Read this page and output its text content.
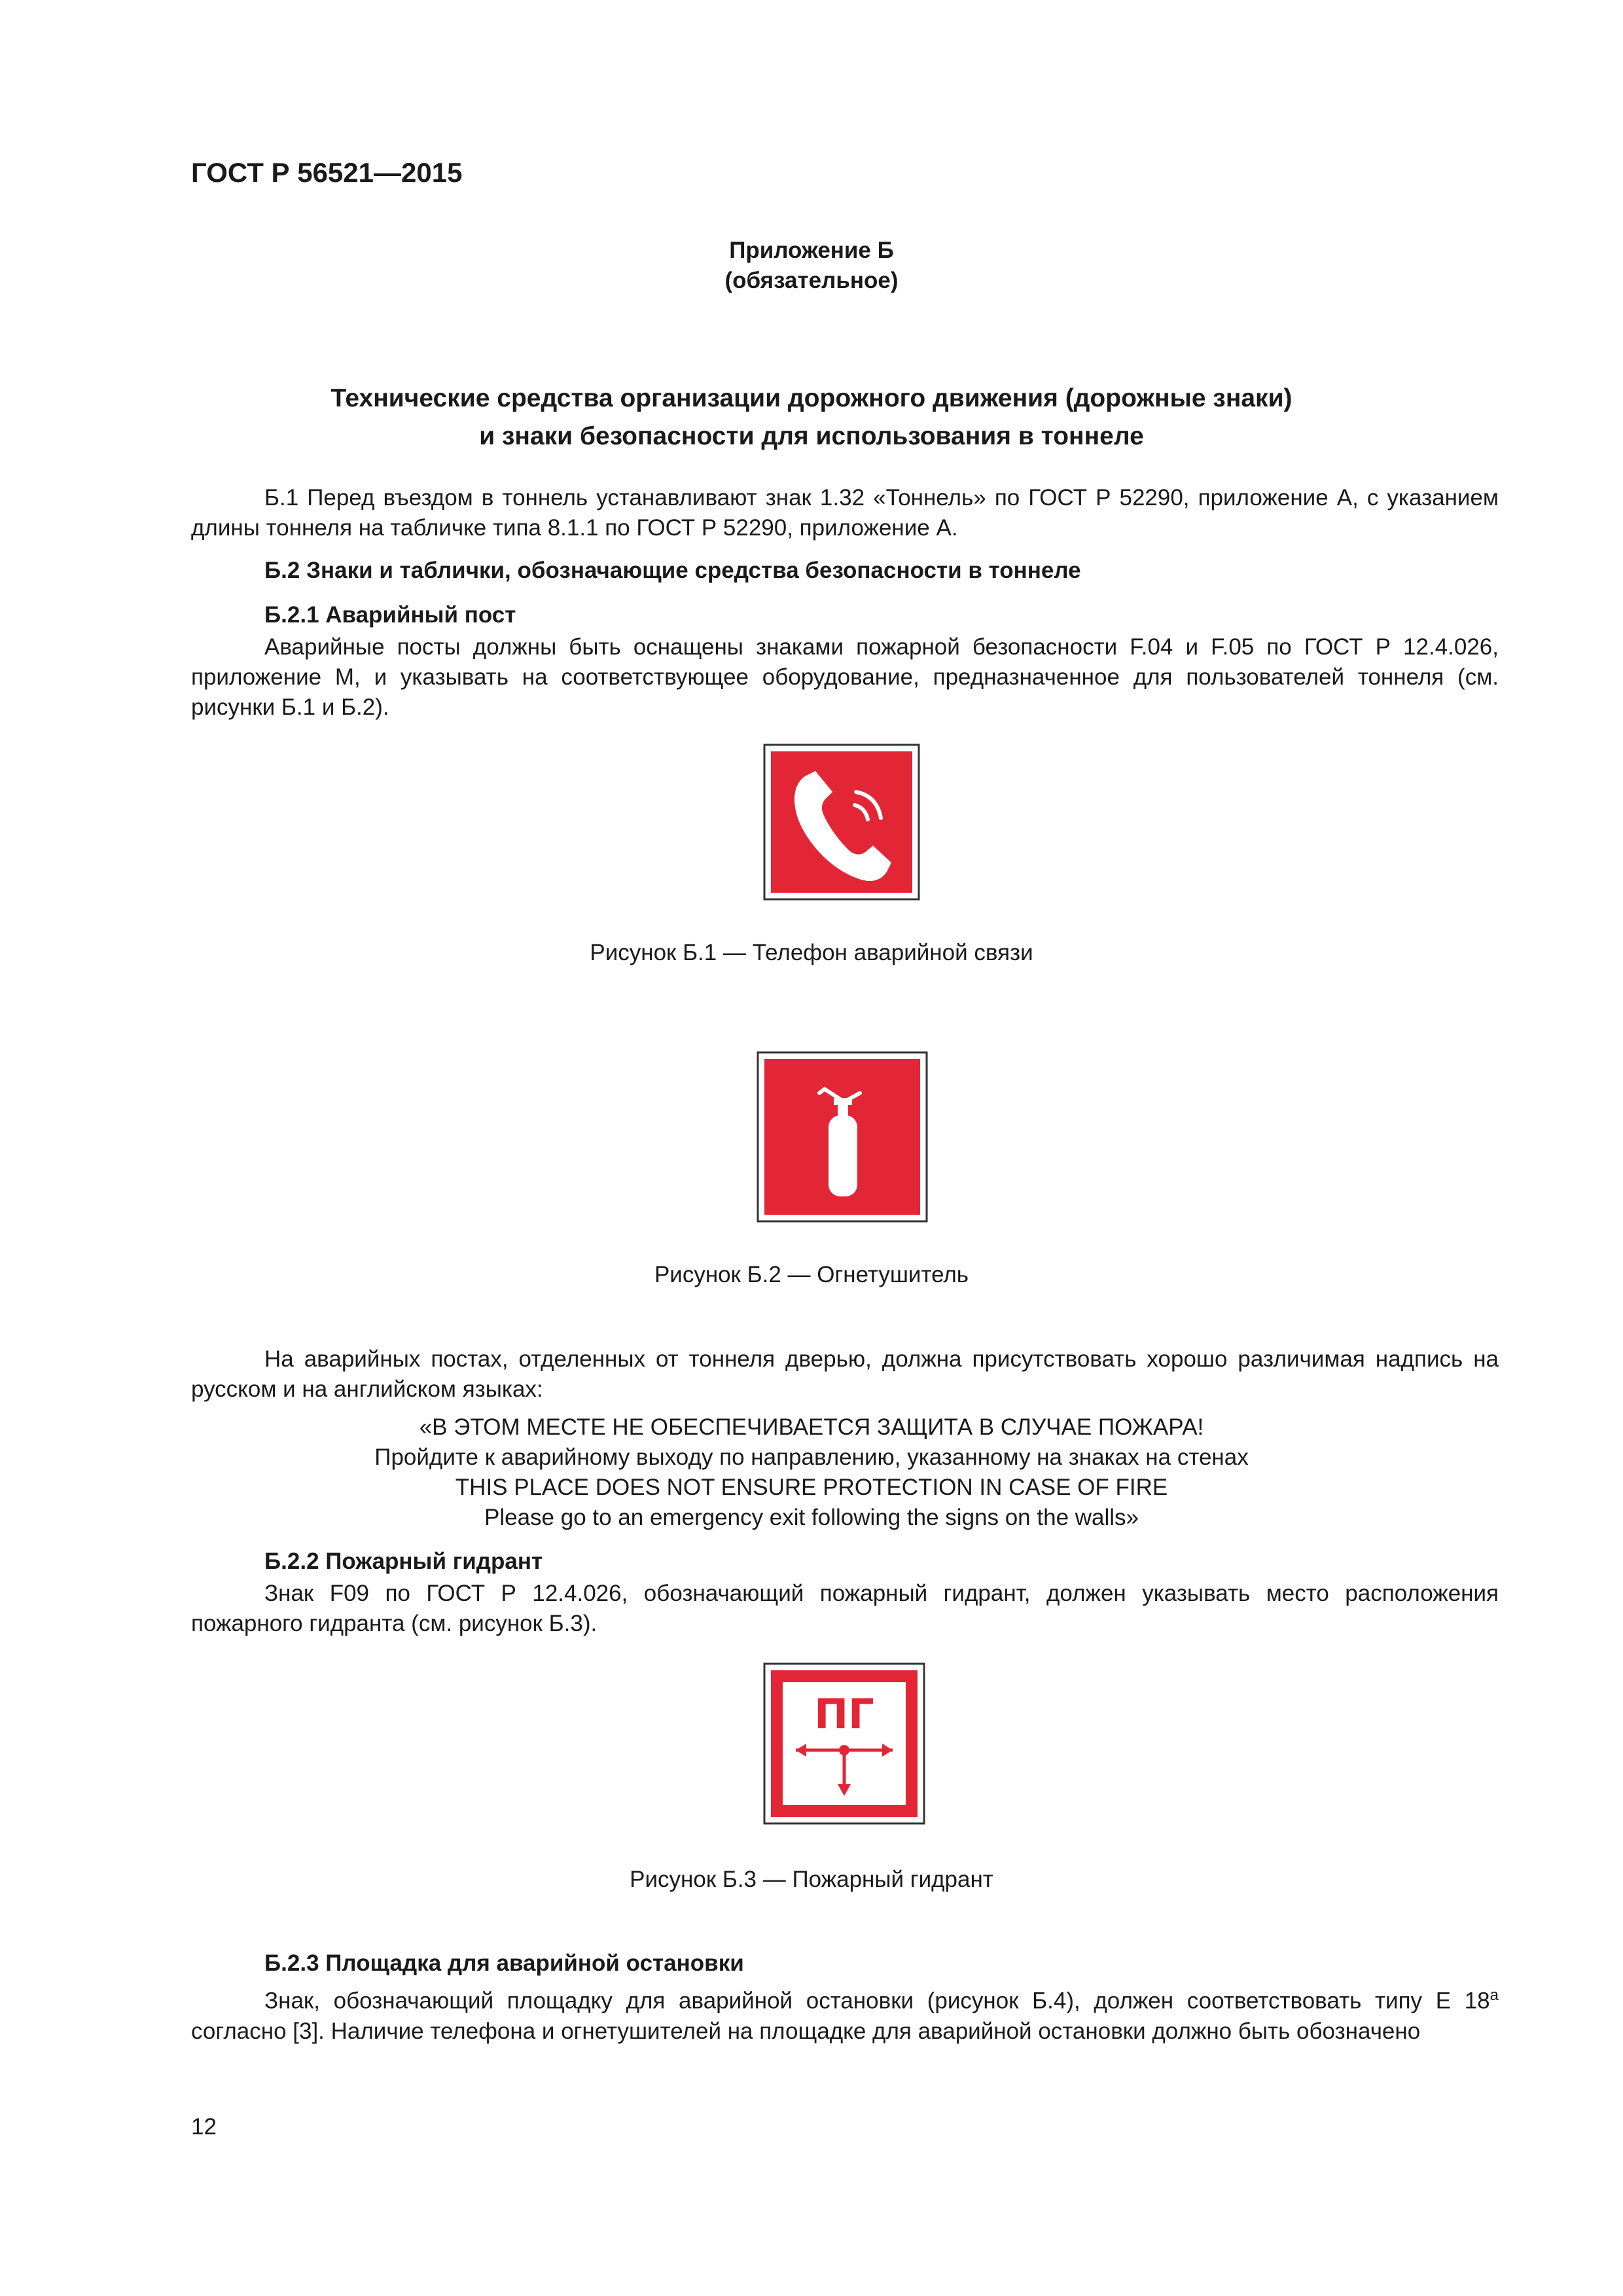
ГОСТ Р 56521—2015
Приложение Б
(обязательное)
Технические средства организации дорожного движения (дорожные знаки)
и знаки безопасности для использования в тоннеле
Б.1 Перед въездом в тоннель устанавливают знак 1.32 «Тоннель» по ГОСТ Р 52290, приложение А, с указанием длины тоннеля на табличке типа 8.1.1 по ГОСТ Р 52290, приложение А.
Б.2 Знаки и таблички, обозначающие средства безопасности в тоннеле
Б.2.1 Аварийный пост
Аварийные посты должны быть оснащены знаками пожарной безопасности F.04 и F.05 по ГОСТ Р 12.4.026, приложение М, и указывать на соответствующее оборудование, предназначенное для пользователей тоннеля (см. рисунки Б.1 и Б.2).
Рисунок Б.1 — Телефон аварийной связи
Рисунок Б.2 — Огнетушитель
На аварийных постах, отделенных от тоннеля дверью, должна присутствовать хорошо различимая надпись на русском и на английском языках:
«В ЭТОМ МЕСТЕ НЕ ОБЕСПЕЧИВАЕТСЯ ЗАЩИТА В СЛУЧАЕ ПОЖАРА!
Пройдите к аварийному выходу по направлению, указанному на знаках на стенах
THIS PLACE DOES NOT ENSURE PROTECTION IN CASE OF FIRE
Please go to an emergency exit following the signs on the walls»
Б.2.2 Пожарный гидрант
Знак F09 по ГОСТ Р 12.4.026, обозначающий пожарный гидрант, должен указывать место расположения пожарного гидранта (см. рисунок Б.3).
ПГ
Рисунок Б.3 — Пожарный гидрант
Б.2.3 Площадка для аварийной остановки
Знак, обозначающий площадку для аварийной остановки (рисунок Б.4), должен соответствовать типу E 18$^a$ согласно [3]. Наличие телефона и огнетушителей на площадке для аварийной остановки должно быть обозначено
12
